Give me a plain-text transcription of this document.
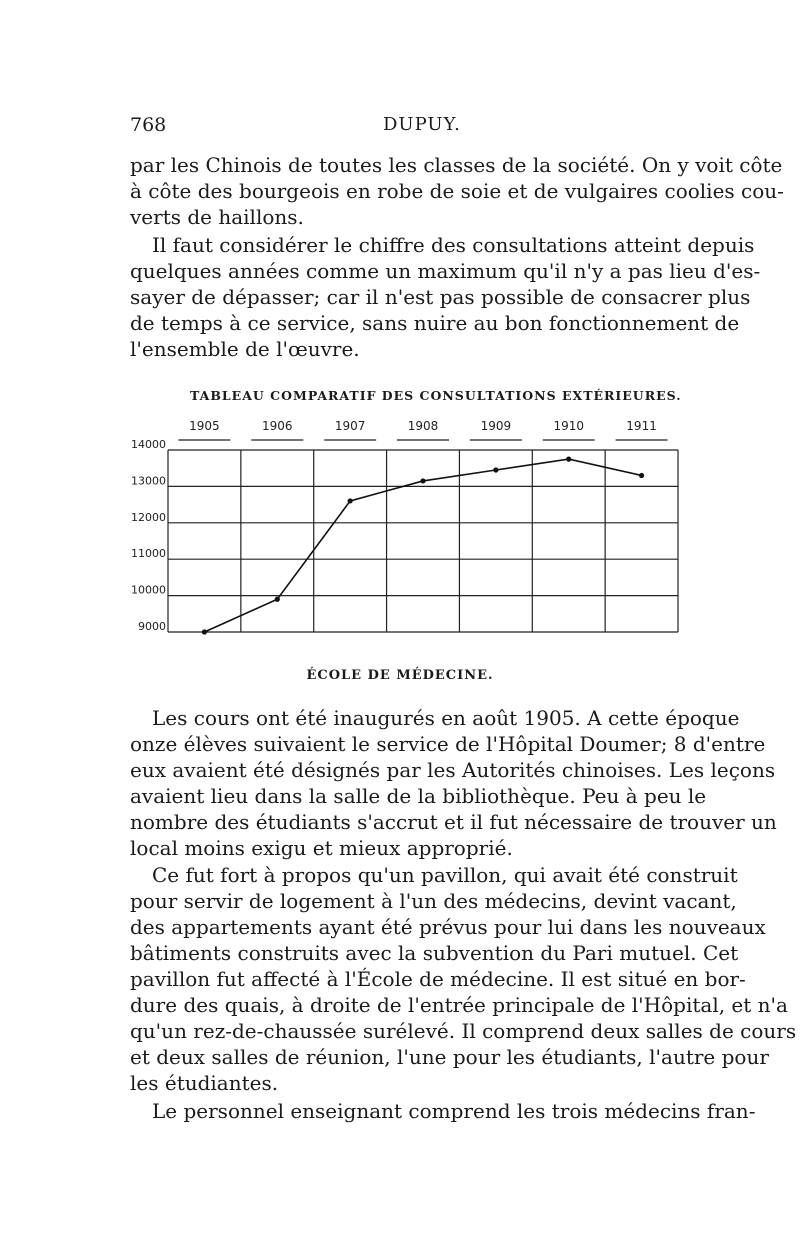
768	DUPUY.

par les Chinois de toutes les classes de la société. On y voit côte
à côte des bourgeois en robe de soie et de vulgaires coolies cou-
verts de haillons.

Il faut considérer le chiffre des consultations atteint depuis
quelques années comme un maximum qu'il n'y a pas lieu d'es-
sayer de dépasser; car il n'est pas possible de consacrer plus
de temps à ce service, sans nuire au bon fonctionnement de
l'ensemble de l'œuvre.

TABLEAU COMPARATIF DES CONSULTATIONS EXTÉRIEURES.
1905	1906	1907	1908	1909	1910	1911
14000
13000
12000
11000
10000
9000
ÉCOLE DE MÉDECINE.

Les cours ont été inaugurés en août 1905. A cette époque
onze élèves suivaient le service de l'Hôpital Doumer; 8 d'entre
eux avaient été désignés par les Autorités chinoises. Les leçons
avaient lieu dans la salle de la bibliothèque. Peu à peu le
nombre des étudiants s'accrut et il fut nécessaire de trouver un
local moins exigu et mieux approprié.

Ce fut fort à propos qu'un pavillon, qui avait été construit
pour servir de logement à l'un des médecins, devint vacant,
des appartements ayant été prévus pour lui dans les nouveaux
bâtiments construits avec la subvention du Pari mutuel. Cet
pavillon fut affecté à l'École de médecine. Il est situé en bor-
dure des quais, à droite de l'entrée principale de l'Hôpital, et n'a
qu'un rez-de-chaussée surélevé. Il comprend deux salles de cours
et deux salles de réunion, l'une pour les étudiants, l'autre pour
les étudiantes.

Le personnel enseignant comprend les trois médecins fran-
